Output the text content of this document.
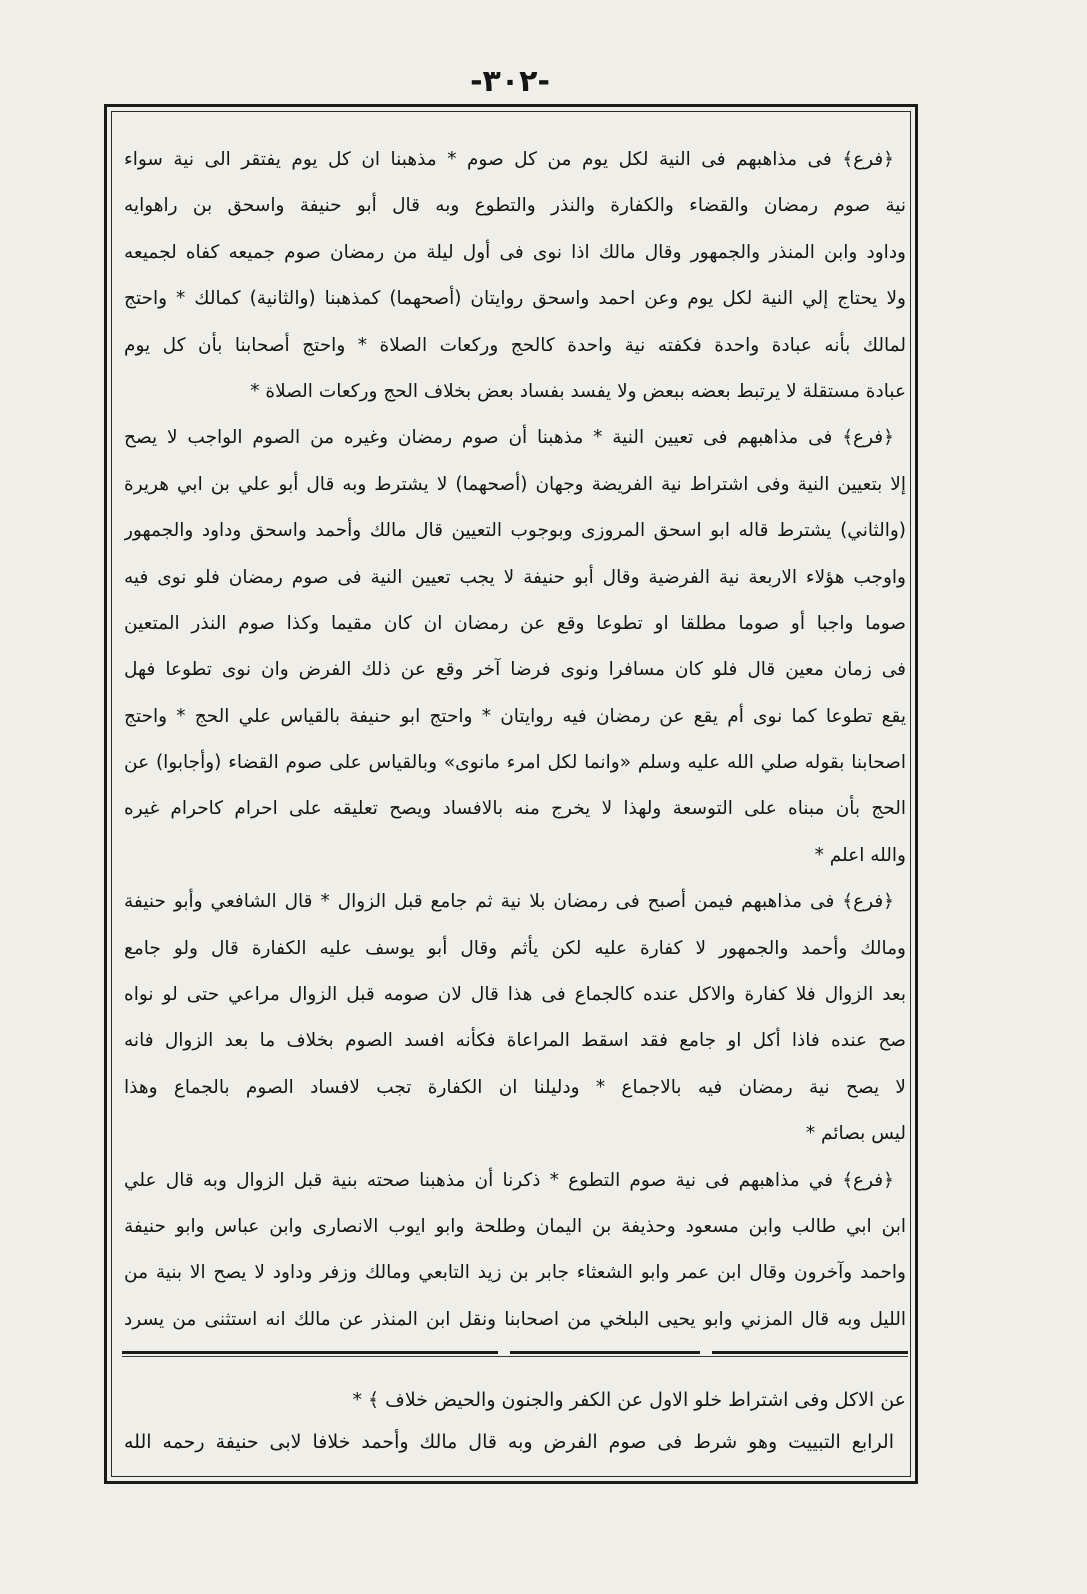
-٣٠٢-
﴿فرع﴾ فى مذاهبهم فى النية لكل يوم من كل صوم * مذهبنا ان كل يوم يفتقر الى نية سواء
نية صوم رمضان والقضاء والكفارة والنذر والتطوع وبه قال أبو حنيفة واسحق بن راهوايه
وداود وابن المنذر والجمهور وقال مالك اذا نوى فى أول ليلة من رمضان صوم جميعه كفاه لجميعه
ولا يحتاج إلي النية لكل يوم وعن احمد واسحق روايتان (أصحهما) كمذهبنا (والثانية) كمالك * واحتج
لمالك بأنه عبادة واحدة فكفته نية واحدة كالحج وركعات الصلاة * واحتج أصحابنا بأن كل يوم
عبادة مستقلة لا يرتبط بعضه ببعض ولا يفسد بفساد بعض بخلاف الحج وركعات الصلاة *
﴿فرع﴾ فى مذاهبهم فى تعيين النية * مذهبنا أن صوم رمضان وغيره من الصوم الواجب لا يصح
إلا بتعيين النية وفى اشتراط نية الفريضة وجهان (أصحهما) لا يشترط وبه قال أبو علي بن ابي هريرة
(والثاني) يشترط قاله ابو اسحق المروزى وبوجوب التعيين قال مالك وأحمد واسحق وداود والجمهور
واوجب هؤلاء الاربعة نية الفرضية وقال أبو حنيفة لا يجب تعيين النية فى صوم رمضان فلو نوى فيه
صوما واجبا أو صوما مطلقا او تطوعا وقع عن رمضان ان كان مقيما وكذا صوم النذر المتعين
فى زمان معين قال فلو كان مسافرا ونوى فرضا آخر وقع عن ذلك الفرض وان نوى تطوعا فهل
يقع تطوعا كما نوى أم يقع عن رمضان فيه روايتان * واحتج ابو حنيفة بالقياس علي الحج * واحتج
اصحابنا بقوله صلي الله عليه وسلم «وانما لكل امرء مانوى» وبالقياس على صوم القضاء (وأجابوا) عن
الحج بأن مبناه على التوسعة ولهذا لا يخرج منه بالافساد ويصح تعليقه على احرام كاحرام غيره
والله اعلم *
﴿فرع﴾ فى مذاهبهم فيمن أصبح فى رمضان بلا نية ثم جامع قبل الزوال * قال الشافعي وأبو حنيفة
ومالك وأحمد والجمهور لا كفارة عليه لكن يأثم وقال أبو يوسف عليه الكفارة قال ولو جامع
بعد الزوال فلا كفارة والاكل عنده كالجماع فى هذا قال لان صومه قبل الزوال مراعي حتى لو نواه
صح عنده فاذا أكل او جامع فقد اسقط المراعاة فكأنه افسد الصوم بخلاف ما بعد الزوال فانه
لا يصح نية رمضان فيه بالاجماع * ودليلنا ان الكفارة تجب لافساد الصوم بالجماع وهذا
ليس بصائم *
﴿فرع﴾ في مذاهبهم فى نية صوم التطوع * ذكرنا أن مذهبنا صحته بنية قبل الزوال وبه قال علي
ابن ابي طالب وابن مسعود وحذيفة بن اليمان وطلحة وابو ايوب الانصارى وابن عباس وابو حنيفة
واحمد وآخرون وقال ابن عمر وابو الشعثاء جابر بن زيد التابعي ومالك وزفر وداود لا يصح الا بنية من
الليل وبه قال المزني وابو يحيى البلخي من اصحابنا ونقل ابن المنذر عن مالك انه استثنى من يسرد
عن الاكل وفى اشتراط خلو الاول عن الكفر والجنون والحيض خلاف ﴾ *
الرابع التبييت وهو شرط فى صوم الفرض وبه قال مالك وأحمد خلافا لابى حنيفة رحمه الله
